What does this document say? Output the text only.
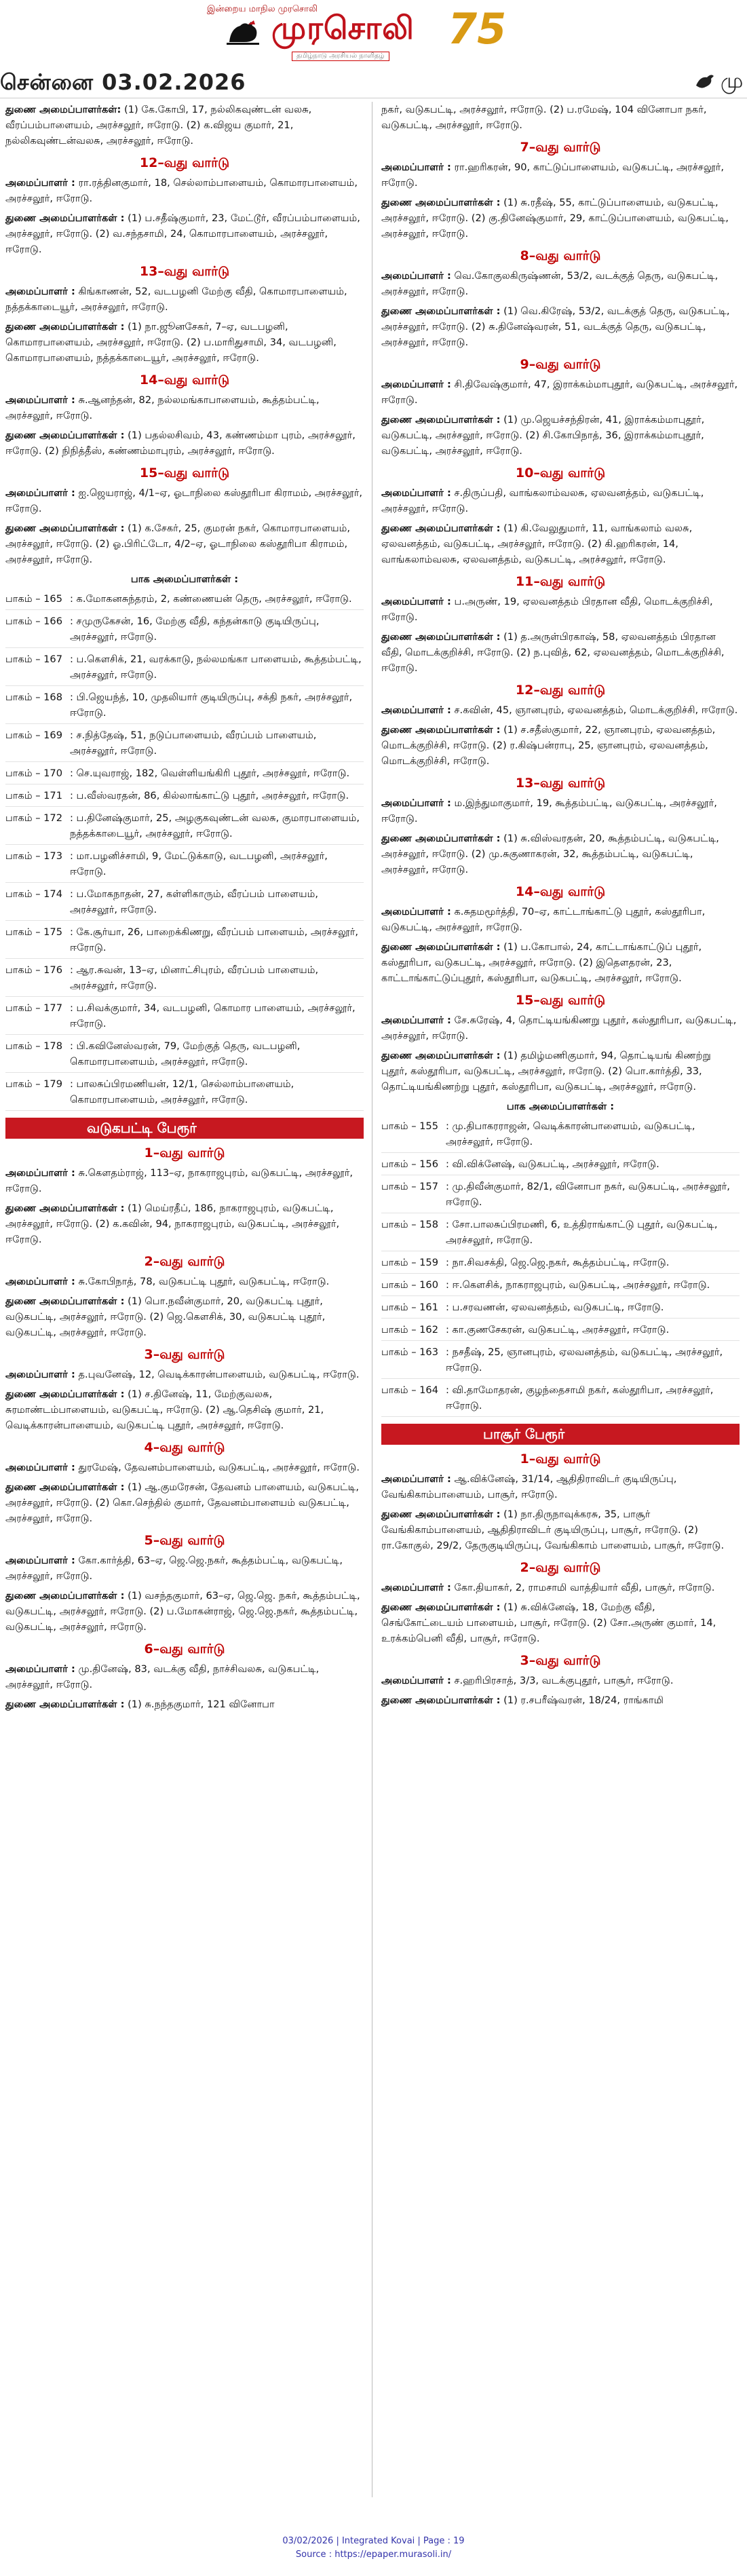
இன்றைய மாநில முரசொலி
முரசொலி 75
தமிழ்நாடு அரசியல் நாளிதழ்
சென்னை 03.02.2026	மு

துணை அமைப்பாளர்கள்: (1) கே.கோபி, 17, நல்லிகவுண்டன் வலசு, வீரப்பம்பாளையம், அரச்சலூர், ஈரோடு. (2) க.விஜய குமார், 21, நல்லிகவுண்டன்வலசு, அரச்சலூர், ஈரோடு.

12–வது வார்டு

அமைப்பாளர் : ரா.ரத்தினகுமார், 18, செல்லாம்பாளையம், கொமாரபாளையம், அரச்சலூர், ஈரோடு.

துணை அமைப்பாளர்கள் : (1) ப.சதீஷ்குமார், 23, மேட்டூர், வீரப்பம்பாளையம், அரச்சலூர், ஈரோடு. (2) வ.சந்தசாமி, 24, கொமாரபாளையம், அரச்சலூர், ஈரோடு.

13–வது வார்டு

அமைப்பாளர் : கிங்காணன், 52, வடபழனி மேற்கு வீதி, கொமாரபாளையம், நத்தக்காடையூர், அரச்சலூர், ஈரோடு.

துணை அமைப்பாளர்கள் : (1) நா.ஜூனசேகர், 7–ஏ, வடபழனி, கொமாரபாளையம், அரச்சலூர், ஈரோடு. (2) ப.மாரிதுசாமி, 34, வடபழனி, கொமாரபாளையம், நத்தக்காடையூர், அரச்சலூர், ஈரோடு.

14–வது வார்டு

அமைப்பாளர் : சு.ஆனந்தன், 82, நல்லமங்காபாளையம், கூத்தம்பட்டி, அரச்சலூர், ஈரோடு.

துணை அமைப்பாளர்கள் : (1) பதல்லசிவம், 43, கண்ணம்மா புரம், அரச்சலூர், ஈரோடு. (2) நிநித்தீஸ், கண்ணம்மாபுரம், அரச்சலூர், ஈரோடு.

15–வது வார்டு

அமைப்பாளர் : ஐ.ஜெயராஜ், 4/1–ஏ, ஓடாநிலை கஸ்தூரிபா கிராமம், அரச்சலூர், ஈரோடு.

துணை அமைப்பாளர்கள் : (1) க.சேகர், 25, குமரன் நகர், கொமாரபாளையம், அரச்சலூர், ஈரோடு. (2) ஓ.பிரிட்டோ, 4/2–ஏ, ஓடாநிலை கஸ்தூரிபா கிராமம், அரச்சலூர், ஈரோடு.

பாக அமைப்பாளர்கள் :
பாகம் – 165 : க.மோகனசுந்தரம், 2, கண்ணையன் தெரு, அரச்சலூர், ஈரோடு.
பாகம் – 166 : சமுருகேசன், 16, மேற்கு வீதி, கந்தன்காடு குடியிருப்பு, அரச்சலூர், ஈரோடு.
பாகம் – 167 : ப.கௌசிக், 21, வரக்காடு, நல்லமங்கா பாளையம், கூத்தம்பட்டி, அரச்சலூர், ஈரோடு.
பாகம் – 168 : பி.ஜெயந்த், 10, முதலியார் குடியிருப்பு, சக்தி நகர், அரச்சலூர், ஈரோடு.
பாகம் – 169 : ச.நித்தேஷ், 51, நடுப்பாளையம், வீரப்பம் பாளையம், அரச்சலூர், ஈரோடு.
பாகம் – 170 : செ.யுவராஜ், 182, வெள்ளியங்கிரி புதூர், அரச்சலூர், ஈரோடு.
பாகம் – 171 : ப.வீஸ்வரதன், 86, கில்லாங்காட்டு புதூர், அரச்சலூர், ஈரோடு.
பாகம் – 172 : ப.தினேஷ்குமார், 25, அழகுகவுண்டன் வலசு, குமாரபாளையம், நத்தக்காடையூர், அரச்சலூர், ஈரோடு.
பாகம் – 173 : மா.பழனிச்சாமி, 9, மேட்டுக்காடு, வடபழனி, அரச்சலூர், ஈரோடு.
பாகம் – 174 : ப.மோகநாதன், 27, கள்ளிகாரும், வீரப்பம் பாளையம், அரச்சலூர், ஈரோடு.
பாகம் – 175 : கே.சூர்யா, 26, பாறைக்கிணறு, வீரப்பம் பாளையம், அரச்சலூர், ஈரோடு.
பாகம் – 176 : ஆர.சுவன், 13–ஏ, மினாட்சிபுரம், வீரப்பம் பாளையம், அரச்சலூர், ஈரோடு.
பாகம் – 177 : ப.சிவக்குமார், 34, வடபழனி, கொமார பாளையம், அரச்சலூர், ஈரோடு.
பாகம் – 178 : பி.கவினேஸ்வரன், 79, மேற்குத் தெரு, வடபழனி, கொமாரபாளையம், அரச்சலூர், ஈரோடு.
பாகம் – 179 : பாலசுப்பிரமணியன், 12/1, செல்லாம்பாளையம், கொமாரபாளையம், அரச்சலூர், ஈரோடு.
வடுகபட்டி பேரூர்
1–வது வார்டு

அமைப்பாளர் : சு.கௌதம்ராஜ், 113–ஏ, நாகராஜபுரம், வடுகபட்டி, அரச்சலூர், ஈரோடு.

துணை அமைப்பாளர்கள் : (1) மெய்ரதீப், 186, நாகராஜபுரம், வடுகபட்டி, அரச்சலூர், ஈரோடு. (2) க.கவின், 94, நாகராஜபுரம், வடுகபட்டி, அரச்சலூர், ஈரோடு.

2–வது வார்டு

அமைப்பாளர் : சு.கோபிநாத், 78, வடுகபட்டி புதூர், வடுகபட்டி, ஈரோடு.

துணை அமைப்பாளர்கள் : (1) பொ.நவீன்குமார், 20, வடுகபட்டி புதூர், வடுகபட்டி, அரச்சலூர், ஈரோடு. (2) ஜெ.கௌசிக், 30, வடுகபட்டி புதூர், வடுகபட்டி, அரச்சலூர், ஈரோடு.

3–வது வார்டு

அமைப்பாளர் : த.புவனேஷ், 12, வெடிக்காரன்பாளையம், வடுகபட்டி, ஈரோடு.

துணை அமைப்பாளர்கள் : (1) ச.தினேஷ், 11, மேற்குவலசு, சுரமாண்டம்பாளையம், வடுகபட்டி, ஈரோடு. (2) ஆ.தெசிஷ் குமார், 21, வெடிக்காரன்பாளையம், வடுகபட்டி புதூர், அரச்சலூர், ஈரோடு.

4–வது வார்டு

அமைப்பாளர் : துரமேஷ், தேவனம்பாளையம், வடுகபட்டி, அரச்சலூர், ஈரோடு.

துணை அமைப்பாளர்கள் : (1) ஆ.குமரேசன், தேவனம் பாளையம், வடுகபட்டி, அரச்சலூர், ஈரோடு. (2) கொ.செந்தில் குமார், தேவனம்பாளையம் வடுகபட்டி, அரச்சலூர், ஈரோடு.

5–வது வார்டு

அமைப்பாளர் : கோ.கார்த்தி, 63–ஏ, ஜெ.ஜெ.நகர், கூத்தம்பட்டி, வடுகபட்டி, அரச்சலூர், ஈரோடு.

துணை அமைப்பாளர்கள் : (1) வசந்தகுமார், 63–ஏ, ஜெ.ஜெ. நகர், கூத்தம்பட்டி, வடுகபட்டி, அரச்சலூர், ஈரோடு. (2) ப.மோகன்ராஜ், ஜெ.ஜெ.நகர், கூத்தம்பட்டி, வடுகபட்டி, அரச்சலூர், ஈரோடு.

6–வது வார்டு

அமைப்பாளர் : மு.தினேஷ், 83, வடக்கு வீதி, நாச்சிவலசு, வடுகபட்டி, அரச்சலூர், ஈரோடு.

துணை அமைப்பாளர்கள் : (1) சு.நந்தகுமார், 121 வினோபா

நகர், வடுகபட்டி, அரச்சலூர், ஈரோடு. (2) ப.ரமேஷ், 104 வினோபா நகர், வடுகபட்டி, அரச்சலூர், ஈரோடு.

7–வது வார்டு

அமைப்பாளர் : ரா.ஹரிகரன், 90, காட்டுப்பாளையம், வடுகபட்டி, அரச்சலூர், ஈரோடு.

துணை அமைப்பாளர்கள் : (1) சு.ரதீஷ், 55, காட்டுப்பாளையம், வடுகபட்டி, அரச்சலூர், ஈரோடு. (2) கு.தினேஷ்குமார், 29, காட்டுப்பாளையம், வடுகபட்டி, அரச்சலூர், ஈரோடு.

8–வது வார்டு

அமைப்பாளர் : வெ.கோகுலகிருஷ்ணன், 53/2, வடக்குத் தெரு, வடுகபட்டி, அரச்சலூர், ஈரோடு.

துணை அமைப்பாளர்கள் : (1) வெ.கிரேஷ், 53/2, வடக்குத் தெரு, வடுகபட்டி, அரச்சலூர், ஈரோடு. (2) சு.தினேஷ்வரன், 51, வடக்குத் தெரு, வடுகபட்டி, அரச்சலூர், ஈரோடு.

9–வது வார்டு

அமைப்பாளர் : சி.திவேஷ்குமார், 47, இராக்கம்மாபுதூர், வடுகபட்டி, அரச்சலூர், ஈரோடு.

துணை அமைப்பாளர்கள் : (1) மு.ஜெயச்சந்திரன், 41, இராக்கம்மாபுதூர், வடுகபட்டி, அரச்சலூர், ஈரோடு. (2) சி.கோபிநாத், 36, இராக்கம்மாபுதூர், வடுகபட்டி, அரச்சலூர், ஈரோடு.

10–வது வார்டு

அமைப்பாளர் : ச.திருப்பதி, வாங்கலாம்வலசு, ஏலவனத்தம், வடுகபட்டி, அரச்சலூர், ஈரோடு.

துணை அமைப்பாளர்கள் : (1) கி.வேலுதுமார், 11, வாங்கலாம் வலசு, ஏலவனத்தம், வடுகபட்டி, அரச்சலூர், ஈரோடு. (2) கி.ஹரிகரன், 14, வாங்கலாம்வலசு, ஏலவனத்தம், வடுகபட்டி, அரச்சலூர், ஈரோடு.

11–வது வார்டு

அமைப்பாளர் : ப.அருண், 19, ஏலவனத்தம் பிரதான வீதி, மொடக்குறிச்சி, ஈரோடு.

துணை அமைப்பாளர்கள் : (1) த.அருள்பிரகாஷ், 58, ஏலவனத்தம் பிரதான வீதி, மொடக்குறிச்சி, ஈரோடு. (2) ந.புவித், 62, ஏலவனத்தம், மொடக்குறிச்சி, ஈரோடு.

12–வது வார்டு

அமைப்பாளர் : ச.கவின், 45, ஞானபுரம், ஏலவனத்தம், மொடக்குறிச்சி, ஈரோடு.

துணை அமைப்பாளர்கள் : (1) ச.சதீஸ்குமார், 22, ஞானபுரம், ஏலவனத்தம், மொடக்குறிச்சி, ஈரோடு. (2) ர.கிஷ்பன்ராபு, 25, ஞானபுரம், ஏலவனத்தம், மொடக்குறிச்சி, ஈரோடு.

13–வது வார்டு

அமைப்பாளர் : ம.இந்துமாகுமார், 19, கூத்தம்பட்டி, வடுகபட்டி, அரச்சலூர், ஈரோடு.

துணை அமைப்பாளர்கள் : (1) சு.விஸ்வரதன், 20, கூத்தம்பட்டி, வடுகபட்டி, அரச்சலூர், ஈரோடு. (2) மு.சுகுணாகரன், 32, கூத்தம்பட்டி, வடுகபட்டி, அரச்சலூர், ஈரோடு.

14–வது வார்டு

அமைப்பாளர் : க.சுதமமூர்த்தி, 70–ஏ, காட்டாங்காட்டு புதூர், கஸ்தூரிபா, வடுகபட்டி, அரச்சலூர், ஈரோடு.

துணை அமைப்பாளர்கள் : (1) ப.கோபால், 24, காட்டாங்காட்டுப் புதூர், கஸ்தூரிபா, வடுகபட்டி, அரச்சலூர், ஈரோடு. (2) இதெளதரன், 23, காட்டாங்காட்டுப்புதூர், கஸ்தூரிபா, வடுகபட்டி, அரச்சலூர், ஈரோடு.

15–வது வார்டு

அமைப்பாளர் : சே.சுரேஷ், 4, தொட்டியங்கிணறு புதூர், கஸ்தூரிபா, வடுகபட்டி, அரச்சலூர், ஈரோடு.

துணை அமைப்பாளர்கள் : (1) தமிழ்மணிகுமார், 94, தொட்டியங் கிணற்று புதூர், கஸ்தூரிபா, வடுகபட்டி, அரச்சலூர், ஈரோடு. (2) பொ.கார்த்தி, 33, தொட்டியங்கிணற்று புதூர், கஸ்தூரிபா, வடுகபட்டி, அரச்சலூர், ஈரோடு.

பாக அமைப்பாளர்கள் :
பாகம் – 155 : மு.திபாகரராஜன், வெடிக்காரன்பாளையம், வடுகபட்டி, அரச்சலூர், ஈரோடு.
பாகம் – 156 : வி.விக்னேஷ், வடுகபட்டி, அரச்சலூர், ஈரோடு.
பாகம் – 157 : மு.திவீன்குமார், 82/1, வினோபா நகர், வடுகபட்டி, அரச்சலூர், ஈரோடு.
பாகம் – 158 : சோ.பாலசுப்பிரமணி, 6, உத்திராங்காட்டு புதூர், வடுகபட்டி, அரச்சலூர், ஈரோடு.
பாகம் – 159 : நா.சிவசக்தி, ஜெ.ஜெ.நகர், கூத்தம்பட்டி, ஈரோடு.
பாகம் – 160 : ஈ.கௌசிக், நாகராஜபுரம், வடுகபட்டி, அரச்சலூர், ஈரோடு.
பாகம் – 161 : ப.சரவணன், ஏலவனத்தம், வடுகபட்டி, ஈரோடு.
பாகம் – 162 : கா.குணசேகரன், வடுகபட்டி, அரச்சலூர், ஈரோடு.
பாகம் – 163 : நசதீஷ், 25, ஞானபுரம், ஏலவனத்தம், வடுகபட்டி, அரச்சலூர், ஈரோடு.
பாகம் – 164 : வி.தாமோதரன், குழந்தைசாமி நகர், கஸ்தூரிபா, அரச்சலூர், ஈரோடு.
பாசூர் பேரூர்
1–வது வார்டு

அமைப்பாளர் : ஆ.விக்னேஷ், 31/14, ஆதிதிராவிடர் குடியிருப்பு, வேங்கிகாம்பாளையம், பாசூர், ஈரோடு.

துணை அமைப்பாளர்கள் : (1) நா.திருநாவுக்கரசு, 35, பாசூர் வேங்கிகாம்பாளையம், ஆதிதிராவிடர் குடியிருப்பு, பாசூர், ஈரோடு. (2) ரா.கோகுல், 29/2, தேருகுடியிருப்பு, வேங்கிகாம் பாளையம், பாசூர், ஈரோடு.

2–வது வார்டு

அமைப்பாளர் : கோ.தியாகர், 2, ராமசாமி வாத்தியார் வீதி, பாசூர், ஈரோடு.

துணை அமைப்பாளர்கள் : (1) சு.விக்னேஷ், 18, மேற்கு வீதி, செங்கோட்டையம் பாளையம், பாசூர், ஈரோடு. (2) சோ.அருண் குமார், 14, உரக்கம்பெனி வீதி, பாசூர், ஈரோடு.

3–வது வார்டு

அமைப்பாளர் : ச.ஹரிபிரசாத், 3/3, வடக்குபுதூர், பாசூர், ஈரோடு.

துணை அமைப்பாளர்கள் : (1) ர.சபரீஷ்வரன், 18/24, ராங்காமி

03/02/2026 | Integrated Kovai | Page : 19
Source : https://epaper.murasoli.in/
